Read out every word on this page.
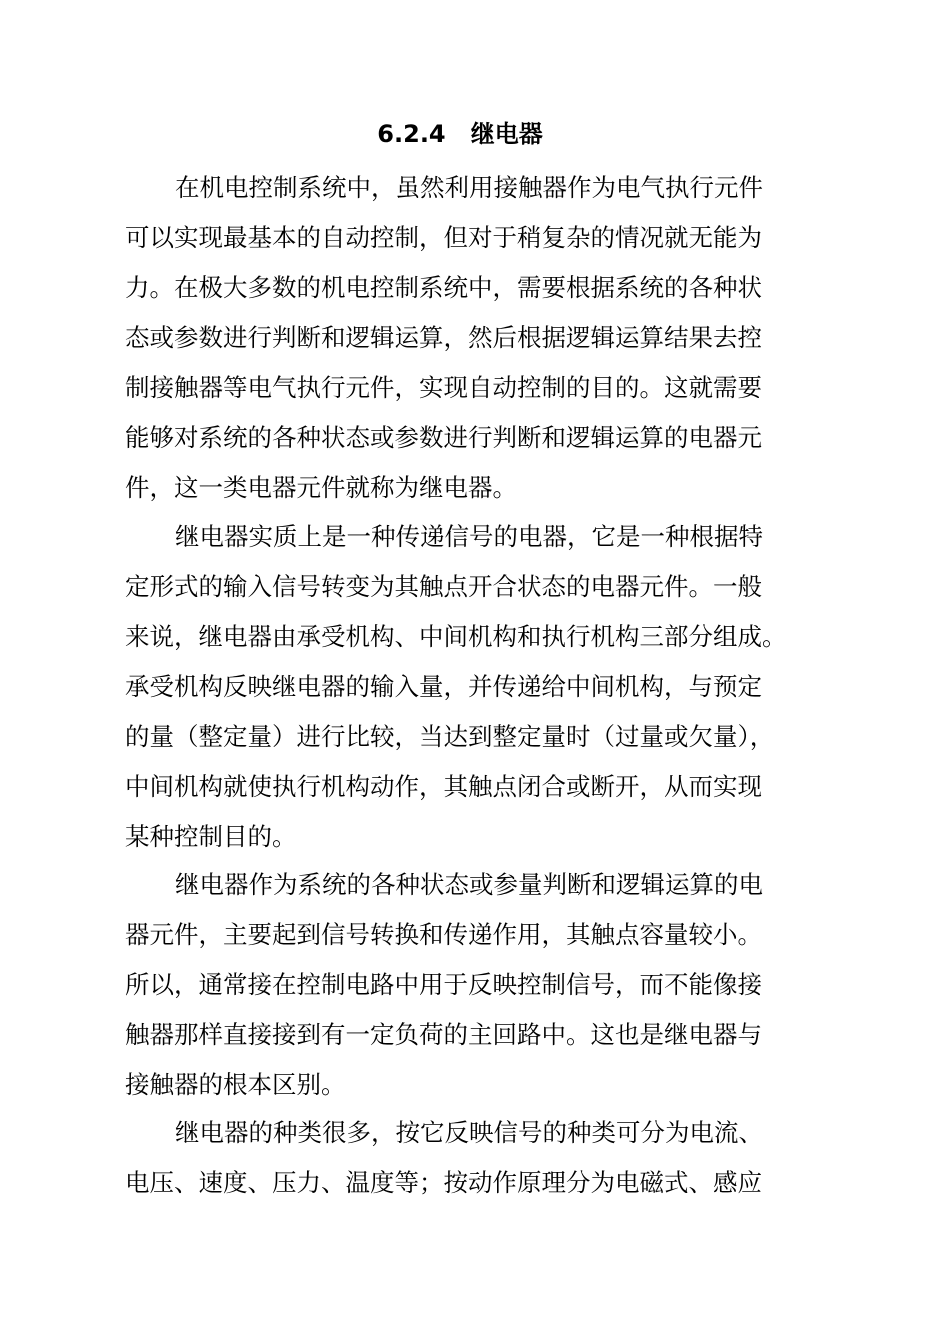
6.2.4   继电器
在机电控制系统中，虽然利用接触器作为电气执行元件
可以实现最基本的自动控制，但对于稍复杂的情况就无能为
力。在极大多数的机电控制系统中，需要根据系统的各种状
态或参数进行判断和逻辑运算，然后根据逻辑运算结果去控
制接触器等电气执行元件，实现自动控制的目的。这就需要
能够对系统的各种状态或参数进行判断和逻辑运算的电器元
件，这一类电器元件就称为继电器。
继电器实质上是一种传递信号的电器，它是一种根据特
定形式的输入信号转变为其触点开合状态的电器元件。一般
来说，继电器由承受机构、中间机构和执行机构三部分组成。
承受机构反映继电器的输入量，并传递给中间机构，与预定
的量（整定量）进行比较，当达到整定量时（过量或欠量），
中间机构就使执行机构动作，其触点闭合或断开，从而实现
某种控制目的。
继电器作为系统的各种状态或参量判断和逻辑运算的电
器元件，主要起到信号转换和传递作用，其触点容量较小。
所以，通常接在控制电路中用于反映控制信号，而不能像接
触器那样直接接到有一定负荷的主回路中。这也是继电器与
接触器的根本区别。
继电器的种类很多，按它反映信号的种类可分为电流、
电压、速度、压力、温度等；按动作原理分为电磁式、感应
